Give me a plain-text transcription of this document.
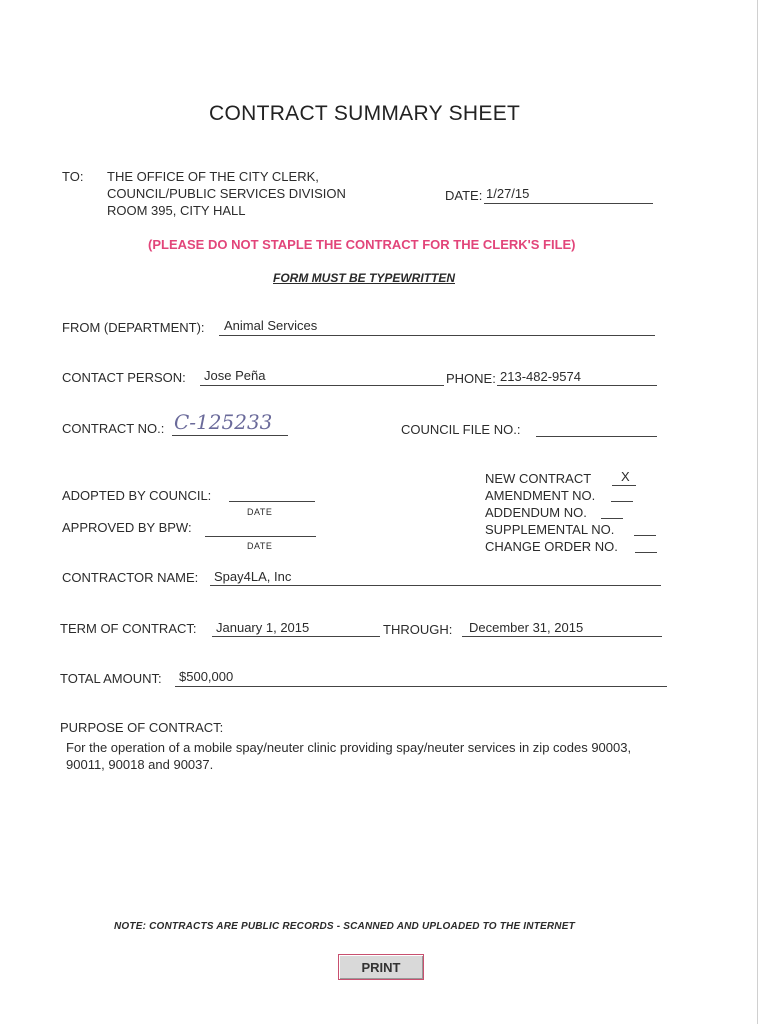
CONTRACT SUMMARY SHEET
TO: THE OFFICE OF THE CITY CLERK,
COUNCIL/PUBLIC SERVICES DIVISION
ROOM 395, CITY HALL
DATE: 1/27/15
(PLEASE DO NOT STAPLE THE CONTRACT FOR THE CLERK'S FILE)
FORM MUST BE TYPEWRITTEN
FROM (DEPARTMENT): Animal Services
CONTACT PERSON: Jose Peña	PHONE: 213-482-9574
CONTRACT NO.: C-125233	COUNCIL FILE NO.:
ADOPTED BY COUNCIL:
DATE
APPROVED BY BPW:
DATE
NEW CONTRACT X
AMENDMENT NO.
ADDENDUM NO.
SUPPLEMENTAL NO.
CHANGE ORDER NO.
CONTRACTOR NAME: Spay4LA, Inc
TERM OF CONTRACT: January 1, 2015	THROUGH: December 31, 2015
TOTAL AMOUNT: $500,000
PURPOSE OF CONTRACT:
For the operation of a mobile spay/neuter clinic providing spay/neuter services in zip codes 90003,
90011, 90018 and 90037.
NOTE: CONTRACTS ARE PUBLIC RECORDS - SCANNED AND UPLOADED TO THE INTERNET
PRINT
